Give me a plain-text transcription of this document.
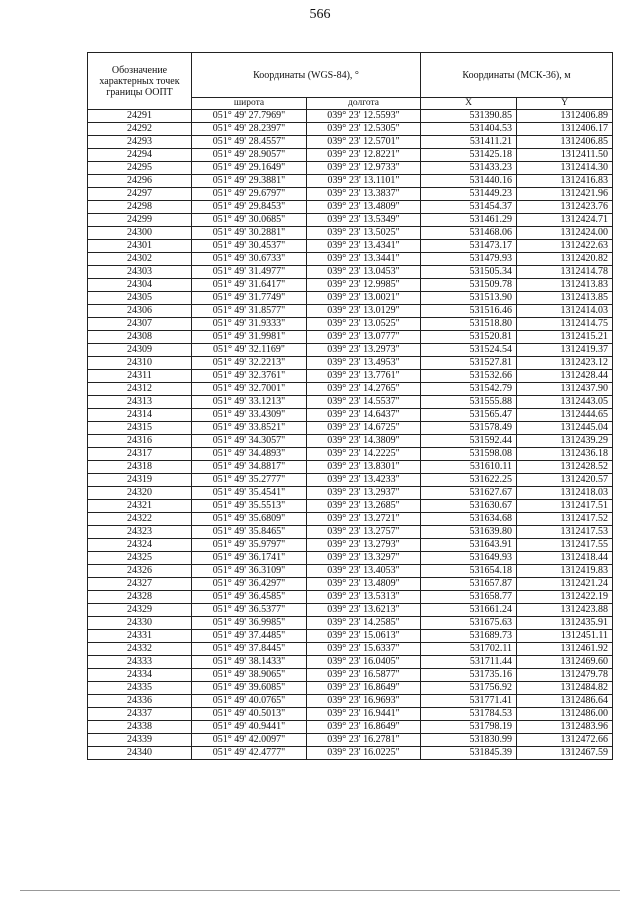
566
Обозначение характерных точек границы ООПТ	Координаты (WGS-84), °		Координаты (МСК-36), м	
	широта	долгота	X	Y
24291	051° 49' 27.7969"	039° 23' 12.5593"	531390.85	1312406.89
24292	051° 49' 28.2397"	039° 23' 12.5305"	531404.53	1312406.17
24293	051° 49' 28.4557"	039° 23' 12.5701"	531411.21	1312406.85
24294	051° 49' 28.9057"	039° 23' 12.8221"	531425.18	1312411.50
24295	051° 49' 29.1649"	039° 23' 12.9733"	531433.23	1312414.30
24296	051° 49' 29.3881"	039° 23' 13.1101"	531440.16	1312416.83
24297	051° 49' 29.6797"	039° 23' 13.3837"	531449.23	1312421.96
24298	051° 49' 29.8453"	039° 23' 13.4809"	531454.37	1312423.76
24299	051° 49' 30.0685"	039° 23' 13.5349"	531461.29	1312424.71
24300	051° 49' 30.2881"	039° 23' 13.5025"	531468.06	1312424.00
24301	051° 49' 30.4537"	039° 23' 13.4341"	531473.17	1312422.63
24302	051° 49' 30.6733"	039° 23' 13.3441"	531479.93	1312420.82
24303	051° 49' 31.4977"	039° 23' 13.0453"	531505.34	1312414.78
24304	051° 49' 31.6417"	039° 23' 12.9985"	531509.78	1312413.83
24305	051° 49' 31.7749"	039° 23' 13.0021"	531513.90	1312413.85
24306	051° 49' 31.8577"	039° 23' 13.0129"	531516.46	1312414.03
24307	051° 49' 31.9333"	039° 23' 13.0525"	531518.80	1312414.75
24308	051° 49' 31.9981"	039° 23' 13.0777"	531520.81	1312415.21
24309	051° 49' 32.1169"	039° 23' 13.2973"	531524.54	1312419.37
24310	051° 49' 32.2213"	039° 23' 13.4953"	531527.81	1312423.12
24311	051° 49' 32.3761"	039° 23' 13.7761"	531532.66	1312428.44
24312	051° 49' 32.7001"	039° 23' 14.2765"	531542.79	1312437.90
24313	051° 49' 33.1213"	039° 23' 14.5537"	531555.88	1312443.05
24314	051° 49' 33.4309"	039° 23' 14.6437"	531565.47	1312444.65
24315	051° 49' 33.8521"	039° 23' 14.6725"	531578.49	1312445.04
24316	051° 49' 34.3057"	039° 23' 14.3809"	531592.44	1312439.29
24317	051° 49' 34.4893"	039° 23' 14.2225"	531598.08	1312436.18
24318	051° 49' 34.8817"	039° 23' 13.8301"	531610.11	1312428.52
24319	051° 49' 35.2777"	039° 23' 13.4233"	531622.25	1312420.57
24320	051° 49' 35.4541"	039° 23' 13.2937"	531627.67	1312418.03
24321	051° 49' 35.5513"	039° 23' 13.2685"	531630.67	1312417.51
24322	051° 49' 35.6809"	039° 23' 13.2721"	531634.68	1312417.52
24323	051° 49' 35.8465"	039° 23' 13.2757"	531639.80	1312417.53
24324	051° 49' 35.9797"	039° 23' 13.2793"	531643.91	1312417.55
24325	051° 49' 36.1741"	039° 23' 13.3297"	531649.93	1312418.44
24326	051° 49' 36.3109"	039° 23' 13.4053"	531654.18	1312419.83
24327	051° 49' 36.4297"	039° 23' 13.4809"	531657.87	1312421.24
24328	051° 49' 36.4585"	039° 23' 13.5313"	531658.77	1312422.19
24329	051° 49' 36.5377"	039° 23' 13.6213"	531661.24	1312423.88
24330	051° 49' 36.9985"	039° 23' 14.2585"	531675.63	1312435.91
24331	051° 49' 37.4485"	039° 23' 15.0613"	531689.73	1312451.11
24332	051° 49' 37.8445"	039° 23' 15.6337"	531702.11	1312461.92
24333	051° 49' 38.1433"	039° 23' 16.0405"	531711.44	1312469.60
24334	051° 49' 38.9065"	039° 23' 16.5877"	531735.16	1312479.78
24335	051° 49' 39.6085"	039° 23' 16.8649"	531756.92	1312484.82
24336	051° 49' 40.0765"	039° 23' 16.9693"	531771.41	1312486.64
24337	051° 49' 40.5013"	039° 23' 16.9441"	531784.53	1312486.00
24338	051° 49' 40.9441"	039° 23' 16.8649"	531798.19	1312483.96
24339	051° 49' 42.0097"	039° 23' 16.2781"	531830.99	1312472.66
24340	051° 49' 42.4777"	039° 23' 16.0225"	531845.39	1312467.59
